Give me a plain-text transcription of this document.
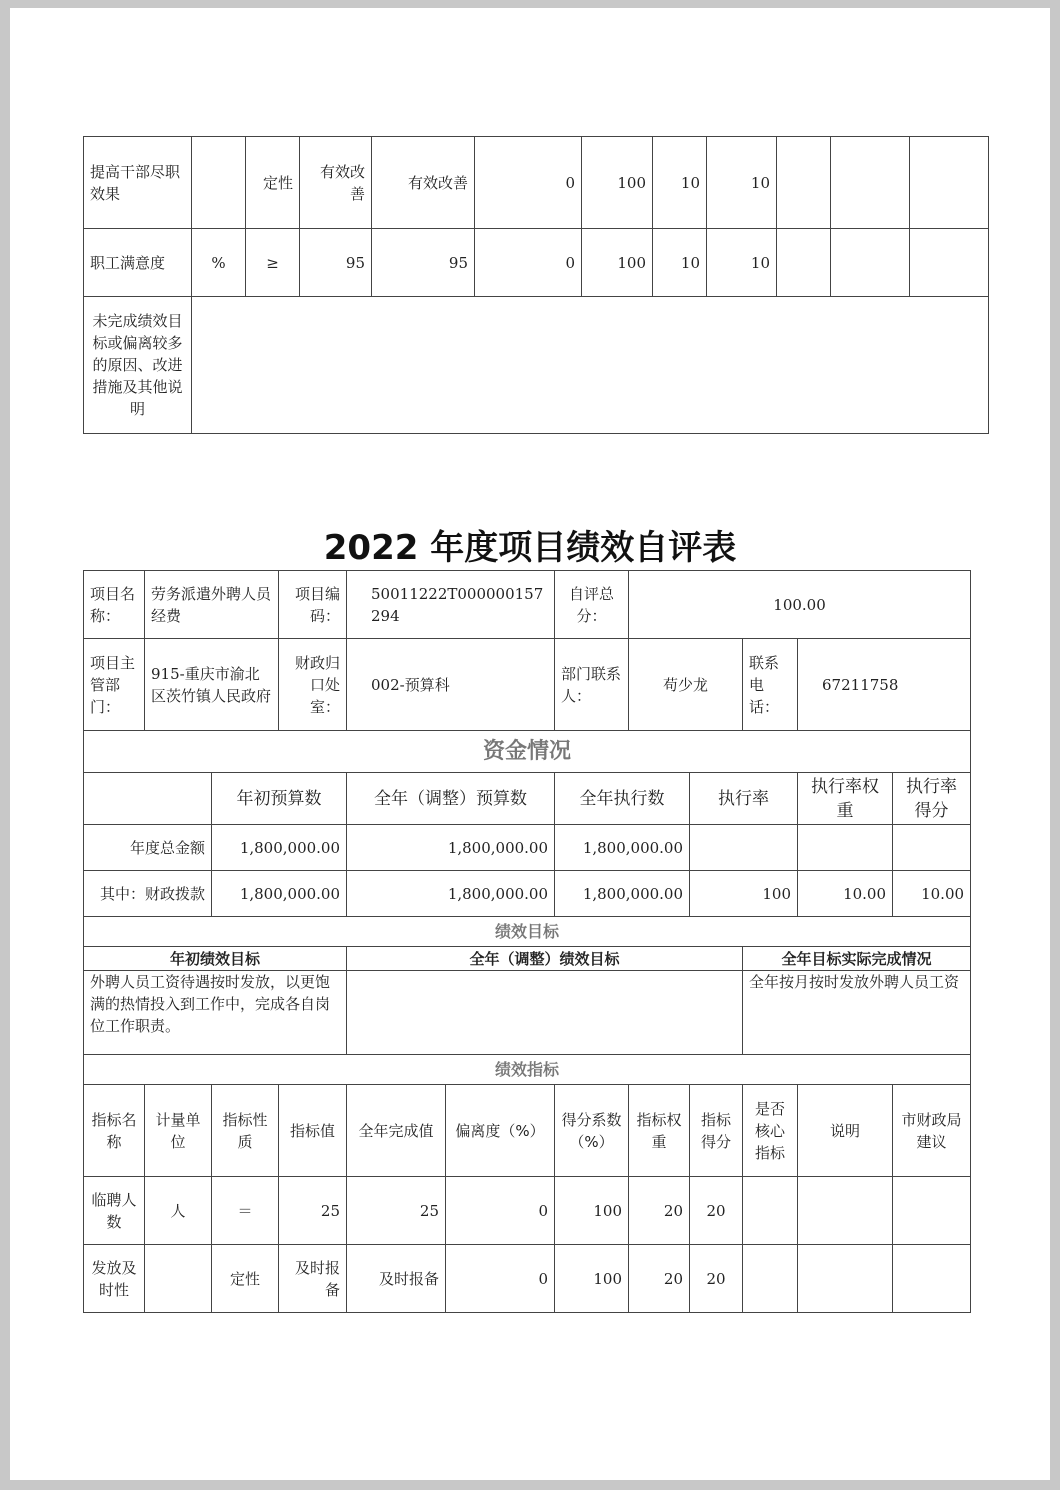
提高干部尽职效果		定性	有效改善	有效改善	0	100	10	10			
职工满意度	%	≥	95	95	0	100	10	10			
未完成绩效目标或偏离较多的原因、改进措施及其他说明											
2022 年度项目绩效自评表
项目名称：	劳务派遣外聘人员经费		项目编码：	50011222T000000157294		自评总分：	100.00				
项目主管部门：	915-重庆市渝北区茨竹镇人民政府		财政归口处室：	002-预算科		部门联系人：	苟少龙		联系电话：	67211758	
资金情况											
		年初预算数		全年（调整）预算数		全年执行数		执行率		执行率权重	执行率得分
年度总金额		1,800,000.00		1,800,000.00		1,800,000.00					
其中：财政拨款		1,800,000.00		1,800,000.00		1,800,000.00		100		10.00	10.00
绩效目标											
年初绩效目标				全年（调整）绩效目标					全年目标实际完成情况		
外聘人员工资待遇按时发放，以更饱满的热情投入到工作中，完成各自岗位工作职责。									全年按月按时发放外聘人员工资		
绩效指标											
指标名称	计量单位	指标性质	指标值	全年完成值	偏离度（%）	得分系数（%）	指标权重	指标得分	是否核心指标	说明	市财政局建议
临聘人数	人	＝	25	25	0	100	20	20			
发放及时性		定性	及时报备	及时报备	0	100	20	20			
